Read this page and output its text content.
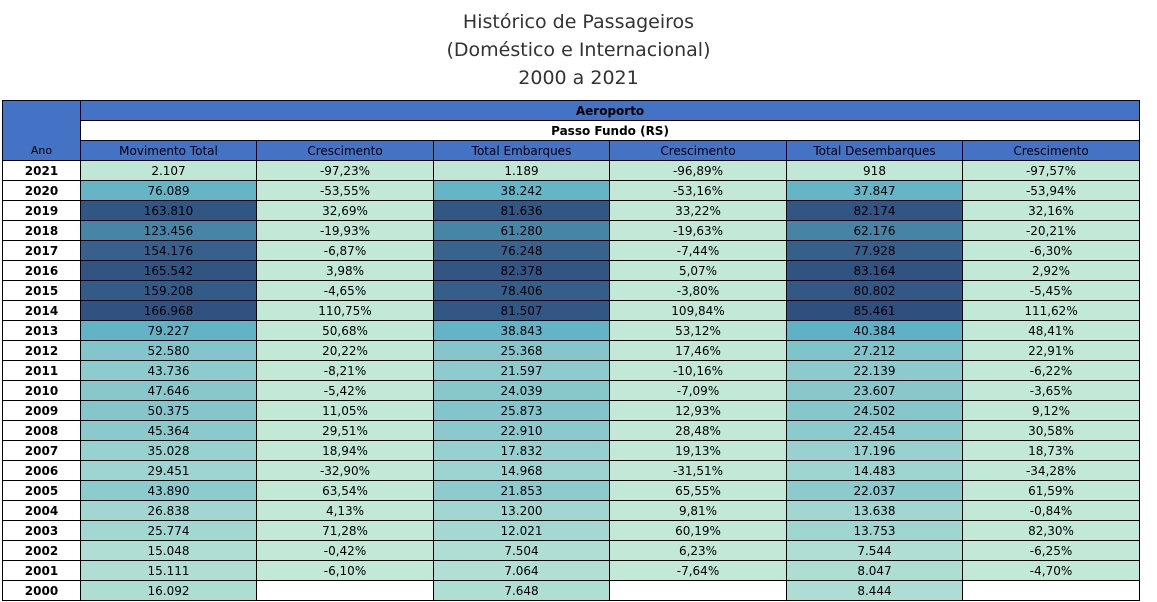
Histórico de Passageiros
(Doméstico e Internacional)
2000 a 2021
Ano	Aeroporto					
	Passo Fundo (RS)					
	Movimento Total	Crescimento	Total Embarques	Crescimento	Total Desembarques	Crescimento
2021	2.107	-97,23%	1.189	-96,89%	918	-97,57%
2020	76.089	-53,55%	38.242	-53,16%	37.847	-53,94%
2019	163.810	32,69%	81.636	33,22%	82.174	32,16%
2018	123.456	-19,93%	61.280	-19,63%	62.176	-20,21%
2017	154.176	-6,87%	76.248	-7,44%	77.928	-6,30%
2016	165.542	3,98%	82.378	5,07%	83.164	2,92%
2015	159.208	-4,65%	78.406	-3,80%	80.802	-5,45%
2014	166.968	110,75%	81.507	109,84%	85.461	111,62%
2013	79.227	50,68%	38.843	53,12%	40.384	48,41%
2012	52.580	20,22%	25.368	17,46%	27.212	22,91%
2011	43.736	-8,21%	21.597	-10,16%	22.139	-6,22%
2010	47.646	-5,42%	24.039	-7,09%	23.607	-3,65%
2009	50.375	11,05%	25.873	12,93%	24.502	9,12%
2008	45.364	29,51%	22.910	28,48%	22.454	30,58%
2007	35.028	18,94%	17.832	19,13%	17.196	18,73%
2006	29.451	-32,90%	14.968	-31,51%	14.483	-34,28%
2005	43.890	63,54%	21.853	65,55%	22.037	61,59%
2004	26.838	4,13%	13.200	9,81%	13.638	-0,84%
2003	25.774	71,28%	12.021	60,19%	13.753	82,30%
2002	15.048	-0,42%	7.504	6,23%	7.544	-6,25%
2001	15.111	-6,10%	7.064	-7,64%	8.047	-4,70%
2000	16.092		7.648		8.444	
